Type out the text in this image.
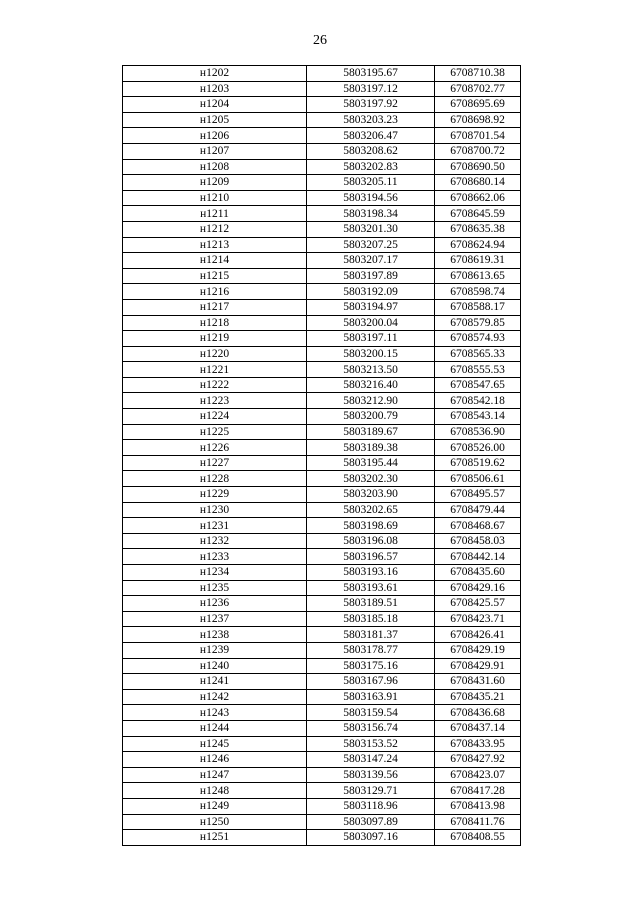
26
н1202	5803195.67	6708710.38
н1203	5803197.12	6708702.77
н1204	5803197.92	6708695.69
н1205	5803203.23	6708698.92
н1206	5803206.47	6708701.54
н1207	5803208.62	6708700.72
н1208	5803202.83	6708690.50
н1209	5803205.11	6708680.14
н1210	5803194.56	6708662.06
н1211	5803198.34	6708645.59
н1212	5803201.30	6708635.38
н1213	5803207.25	6708624.94
н1214	5803207.17	6708619.31
н1215	5803197.89	6708613.65
н1216	5803192.09	6708598.74
н1217	5803194.97	6708588.17
н1218	5803200.04	6708579.85
н1219	5803197.11	6708574.93
н1220	5803200.15	6708565.33
н1221	5803213.50	6708555.53
н1222	5803216.40	6708547.65
н1223	5803212.90	6708542.18
н1224	5803200.79	6708543.14
н1225	5803189.67	6708536.90
н1226	5803189.38	6708526.00
н1227	5803195.44	6708519.62
н1228	5803202.30	6708506.61
н1229	5803203.90	6708495.57
н1230	5803202.65	6708479.44
н1231	5803198.69	6708468.67
н1232	5803196.08	6708458.03
н1233	5803196.57	6708442.14
н1234	5803193.16	6708435.60
н1235	5803193.61	6708429.16
н1236	5803189.51	6708425.57
н1237	5803185.18	6708423.71
н1238	5803181.37	6708426.41
н1239	5803178.77	6708429.19
н1240	5803175.16	6708429.91
н1241	5803167.96	6708431.60
н1242	5803163.91	6708435.21
н1243	5803159.54	6708436.68
н1244	5803156.74	6708437.14
н1245	5803153.52	6708433.95
н1246	5803147.24	6708427.92
н1247	5803139.56	6708423.07
н1248	5803129.71	6708417.28
н1249	5803118.96	6708413.98
н1250	5803097.89	6708411.76
н1251	5803097.16	6708408.55
